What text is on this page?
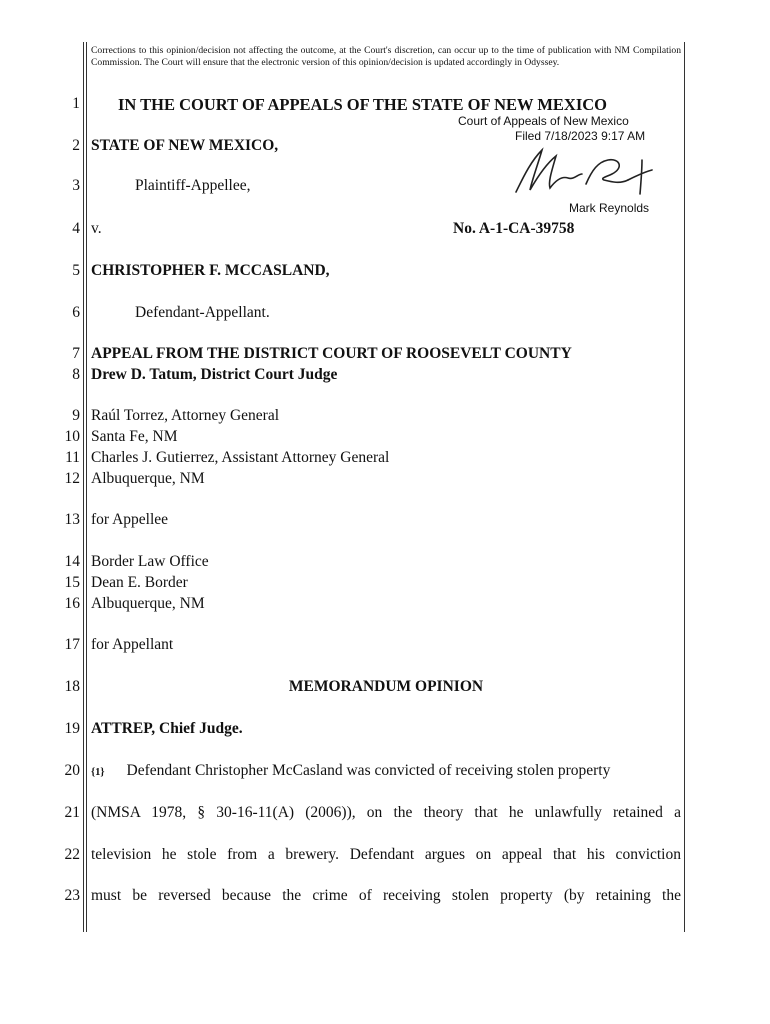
Corrections to this opinion/decision not affecting the outcome, at the Court's discretion, can occur up to the time of publication with NM Compilation Commission. The Court will ensure that the electronic version of this opinion/decision is updated accordingly in Odyssey.
1
2
3
4
5
6
7
8
9
10
11
12
13
14
15
16
17
18
19
20
21
22
23
IN THE COURT OF APPEALS OF THE STATE OF NEW MEXICO
Court of Appeals of New Mexico
Filed 7/18/2023 9:17 AM
Mark Reynolds
STATE OF NEW MEXICO,
Plaintiff-Appellee,
v.	No. A-1-CA-39758
CHRISTOPHER F. MCCASLAND,
Defendant-Appellant.
APPEAL FROM THE DISTRICT COURT OF ROOSEVELT COUNTY
Drew D. Tatum, District Court Judge
Raúl Torrez, Attorney General
Santa Fe, NM
Charles J. Gutierrez, Assistant Attorney General
Albuquerque, NM
for Appellee
Border Law Office
Dean E. Border
Albuquerque, NM
for Appellant
MEMORANDUM OPINION
ATTREP, Chief Judge.
{1} Defendant Christopher McCasland was convicted of receiving stolen property
(NMSA 1978, § 30-16-11(A) (2006)), on the theory that he unlawfully retained a
television he stole from a brewery. Defendant argues on appeal that his conviction
must be reversed because the crime of receiving stolen property (by retaining the
